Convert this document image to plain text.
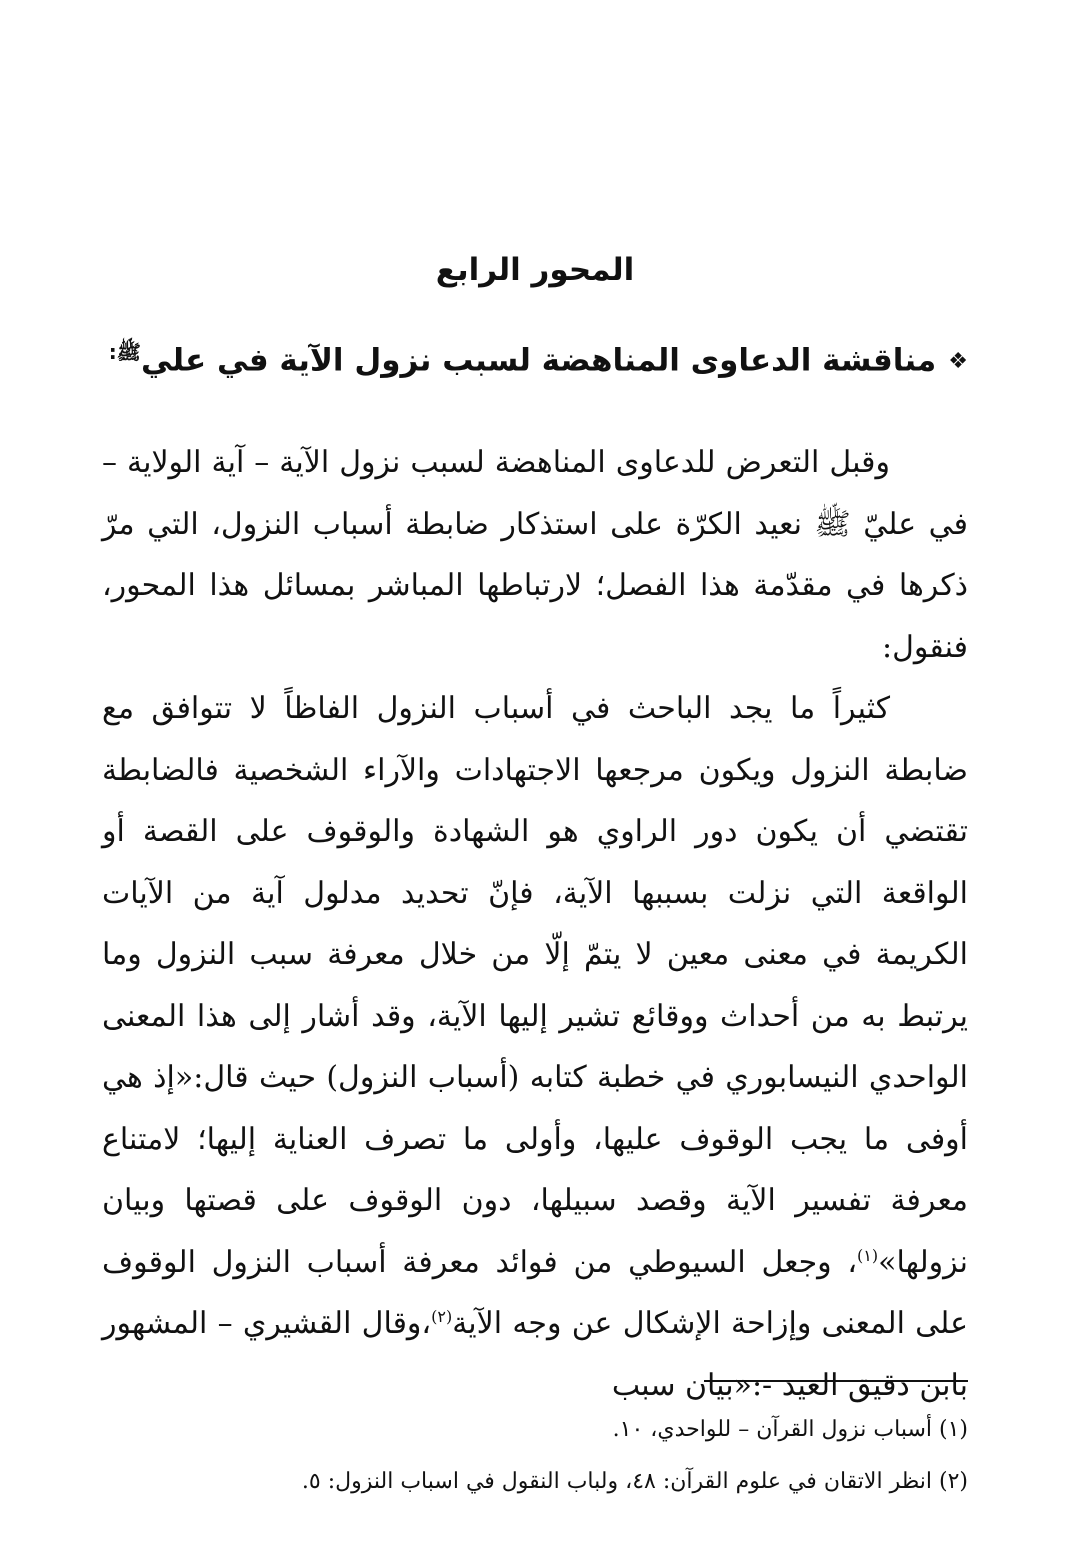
المحور الرابع
❖مناقشة الدعاوى المناهضة لسبب نزول الآية في علي$^{ﷺ:}$

وقبل التعرض للدعاوى المناهضة لسبب نزول الآية – آية الولاية – في عليّ ﷺ نعيد الكرّة على استذكار ضابطة أسباب النزول، التي مرّ ذكرها في مقدّمة هذا الفصل؛ لارتباطها المباشر بمسائل هذا المحور، فنقول:

كثيراً ما يجد الباحث في أسباب النزول الفاظاً لا تتوافق مع ضابطة النزول ويكون مرجعها الاجتهادات والآراء الشخصية فالضابطة تقتضي أن يكون دور الراوي هو الشهادة والوقوف على القصة أو الواقعة التي نزلت بسببها الآية، فإنّ تحديد مدلول آية من الآيات الكريمة في معنى معين لا يتمّ إلّا من خلال معرفة سبب النزول وما يرتبط به من أحداث ووقائع تشير إليها الآية، وقد أشار إلى هذا المعنى الواحدي النيسابوري في خطبة كتابه (أسباب النزول) حيث قال:«إذ هي أوفى ما يجب الوقوف عليها، وأولى ما تصرف العناية إليها؛ لامتناع معرفة تفسير الآية وقصد سبيلها، دون الوقوف على قصتها وبيان نزولها»$^{(١)}$، وجعل السيوطي من فوائد معرفة أسباب النزول الوقوف على المعنى وإزاحة الإشكال عن وجه الآية$^{(٢)}$،وقال القشيري – المشهور بابن دقيق العيد -:«بيان سبب

(١) أسباب نزول القرآن – للواحدي، ١٠.
(٢) انظر الاتقان في علوم القرآن: ٤٨، ولباب النقول في اسباب النزول: ٥.
